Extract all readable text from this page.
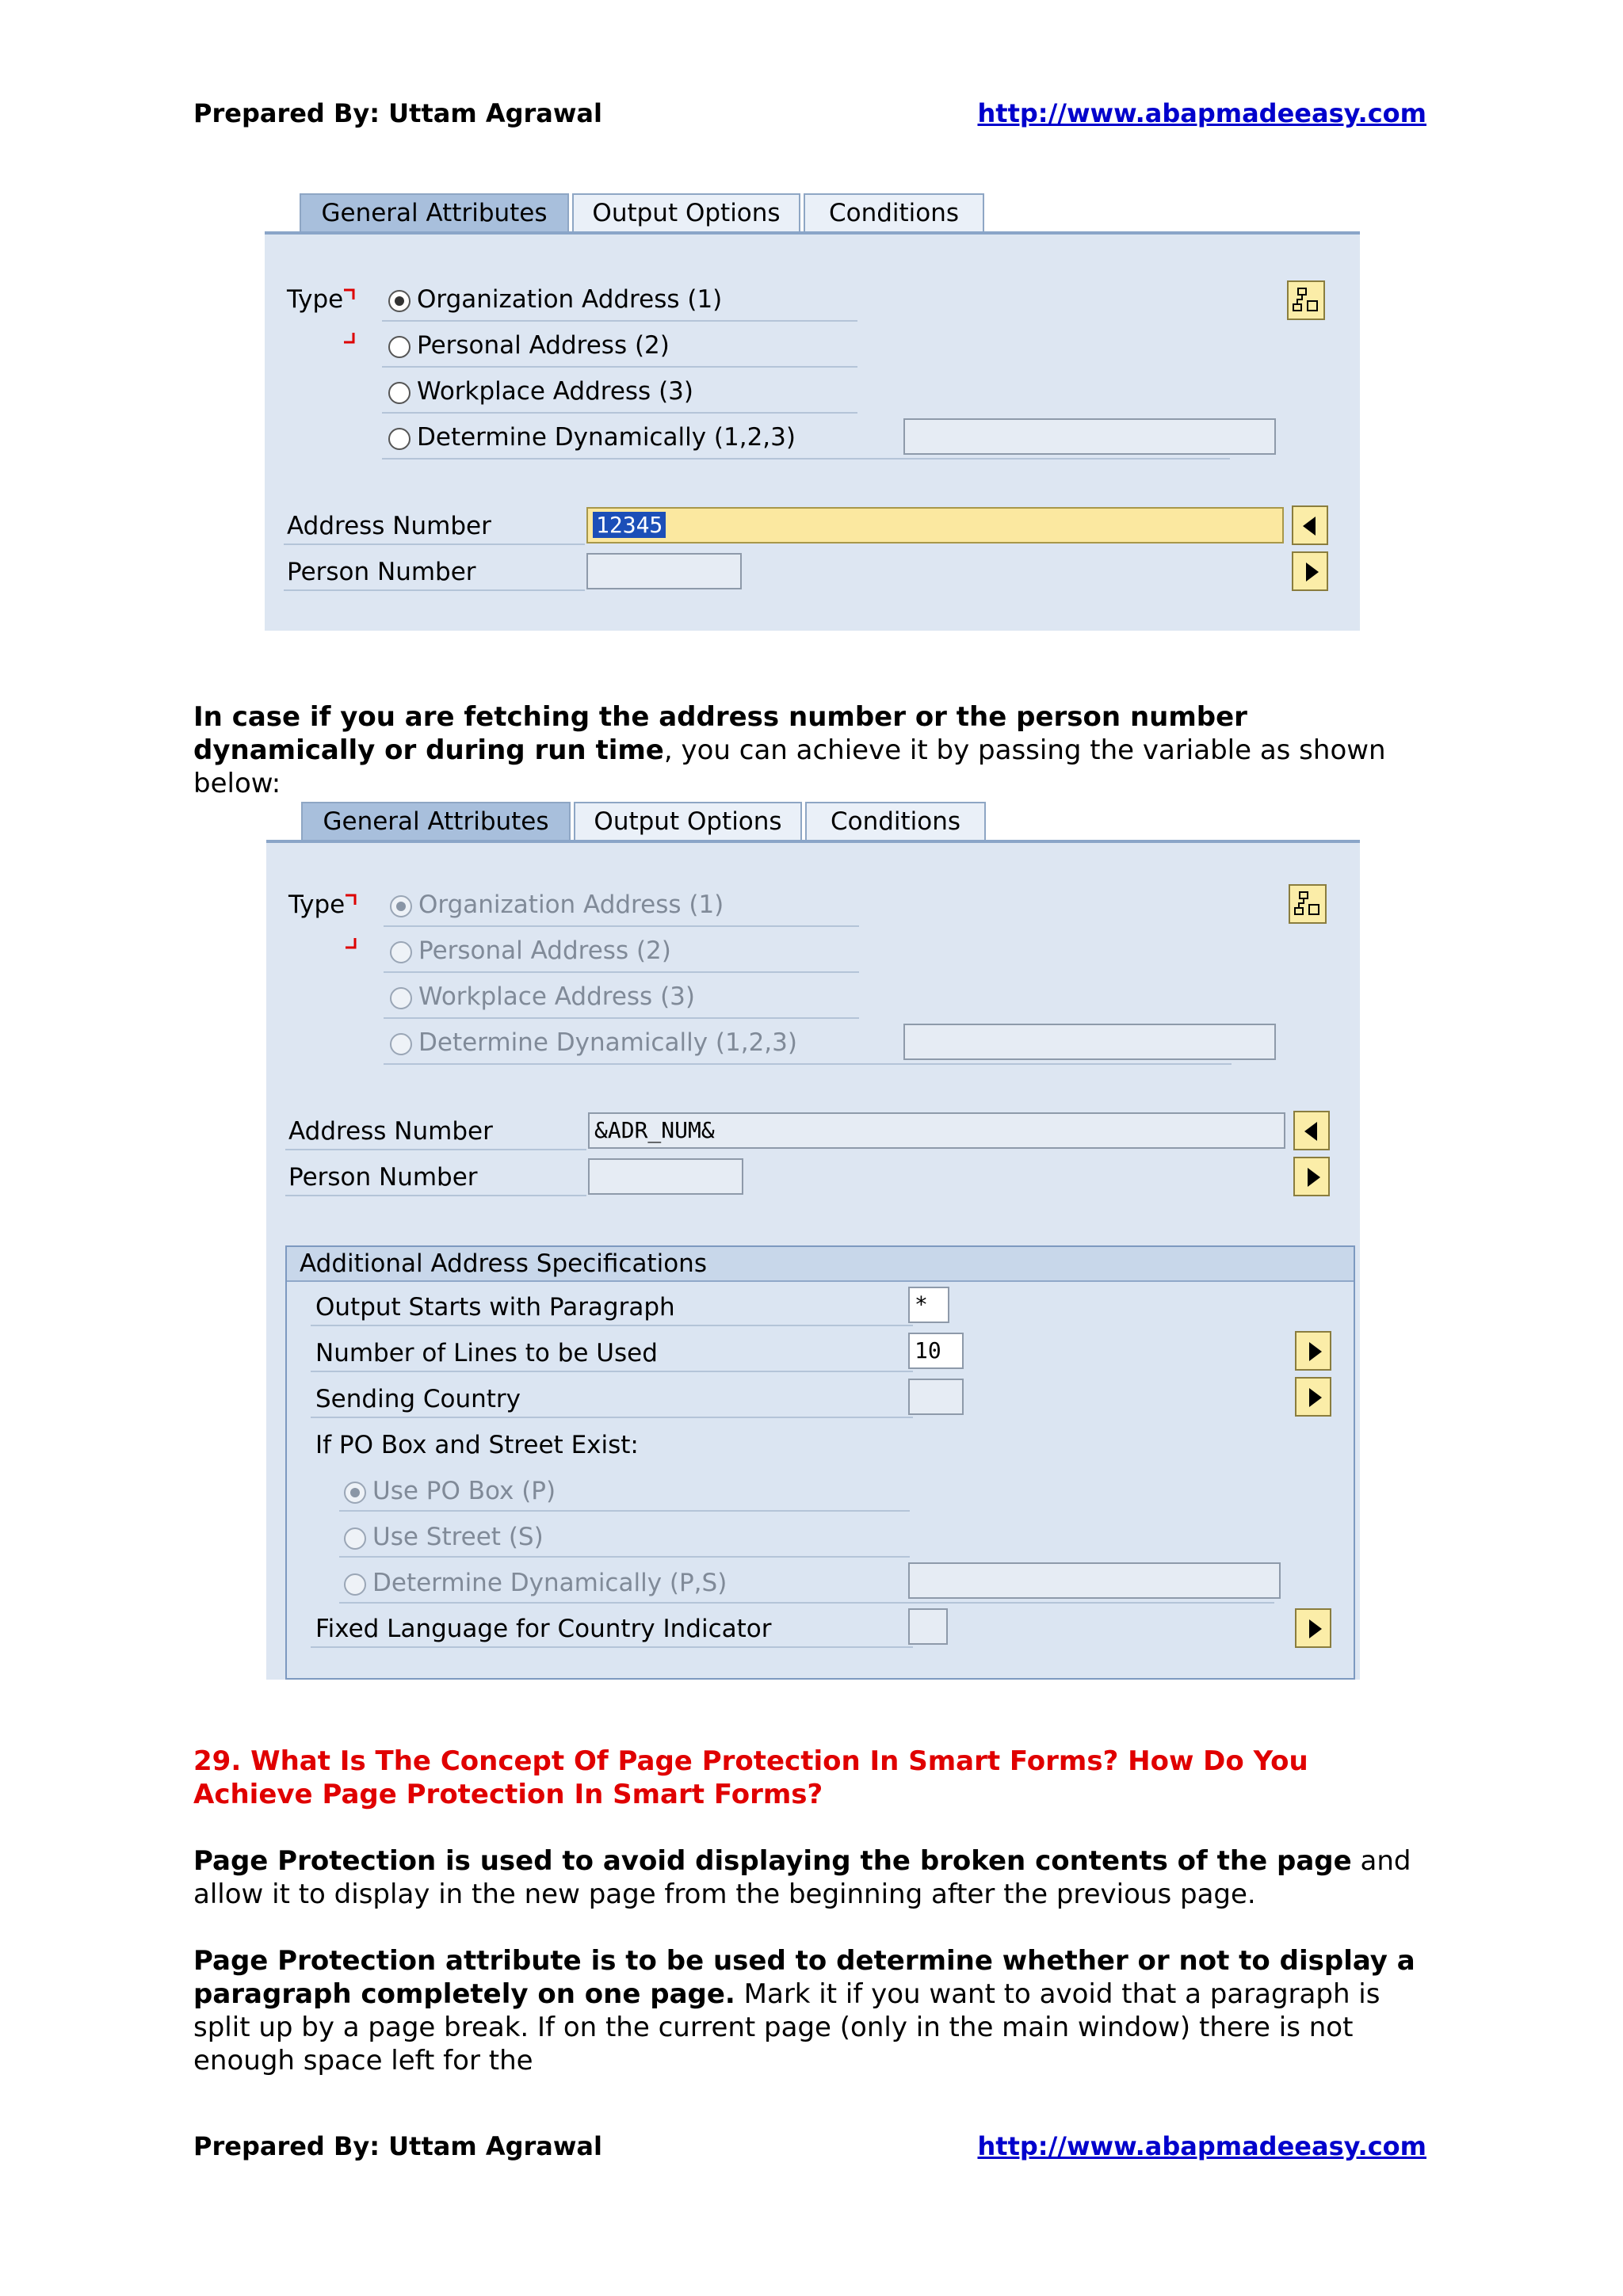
Prepared By: Uttam Agrawal	http://www.abapmadeeasy.com
General Attributes	Output Options	Conditions
Type	Organization Address (1)
Personal Address (2)
Workplace Address (3)
Determine Dynamically (1,2,3)
Address Number	12345
Person Number
In case if you are fetching the address number or the person number dynamically or during run time, you can achieve it by passing the variable as shown below:
General Attributes	Output Options	Conditions
Type	Organization Address (1)
Personal Address (2)
Workplace Address (3)
Determine Dynamically (1,2,3)
Address Number	&ADR_NUM&
Person Number
Additional Address Specifications
Output Starts with Paragraph	*
Number of Lines to be Used	10
Sending Country
If PO Box and Street Exist:
Use PO Box (P)
Use Street (S)
Determine Dynamically (P,S)
Fixed Language for Country Indicator
29. What Is The Concept Of Page Protection In Smart Forms? How Do You Achieve Page Protection In Smart Forms?
Page Protection is used to avoid displaying the broken contents of the page and allow it to display in the new page from the beginning after the previous page.
Page Protection attribute is to be used to determine whether or not to display a paragraph completely on one page. Mark it if you want to avoid that a paragraph is split up by a page break. If on the current page (only in the main window) there is not enough space left for the
Prepared By: Uttam Agrawal	http://www.abapmadeeasy.com
